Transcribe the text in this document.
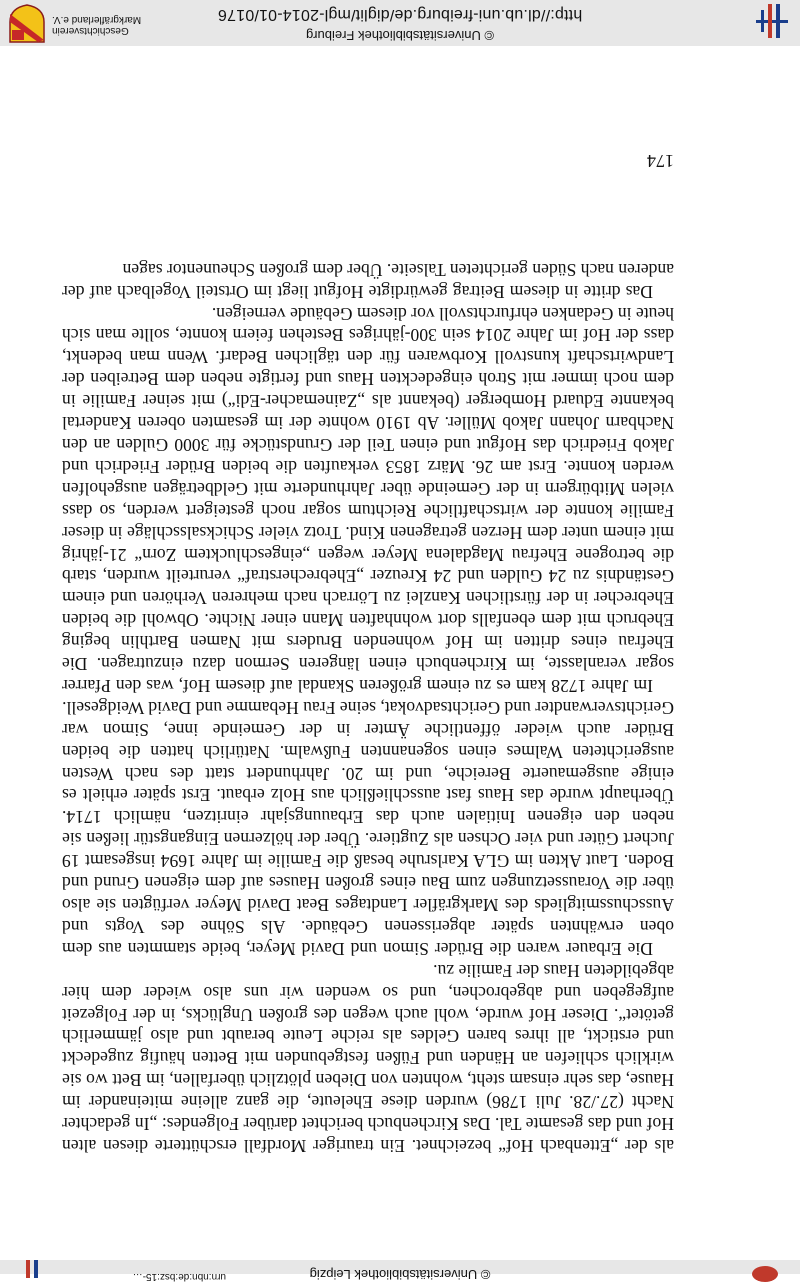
© Universitätsbibliothek Leipzig
urn:nbn:de:bsz:15-…

als der „Ettenbach Hof“ bezeichnet. Ein trauriger Mordfall erschütterte diesen alten Hof und das gesamte Tal. Das Kirchenbuch berichtet darüber Folgendes: „In gedachter Nacht (27./28. Juli 1786) wurden diese Eheleute, die ganz alleine miteinander im Hause, das sehr einsam steht, wohnten von Dieben plötzlich überfallen, im Bett wo sie wirklich schliefen an Händen und Füßen festgebunden mit Betten häufig zugedeckt und erstickt, all ihres baren Geldes als reiche Leute beraubt und also jämmerlich getötet“. Dieser Hof wurde, wohl auch wegen des großen Unglücks, in der Folgezeit aufgegeben und abgebrochen, und so wenden wir uns also wieder dem hier abgebildeten Haus der Familie zu.

Die Erbauer waren die Brüder Simon und David Meyer, beide stammten aus dem oben erwähnten später abgerissenen Gebäude. Als Söhne des Vogts und Ausschussmitglieds des Markgräfler Landtages Beat David Meyer verfügten sie also über die Voraussetzungen zum Bau eines großen Hauses auf dem eigenen Grund und Boden. Laut Akten im GLA Karlsruhe besaß die Familie im Jahre 1694 insgesamt 19 Juchert Güter und vier Ochsen als Zugtiere. Über der hölzernen Eingangstür ließen sie neben den eigenen Initialen auch das Erbauungsjahr einritzen, nämlich 1714. Überhaupt wurde das Haus fast ausschließlich aus Holz erbaut. Erst später erhielt es einige ausgemauerte Bereiche, und im 20. Jahrhundert statt des nach Westen ausgerichteten Walmes einen sogenannten Fußwalm. Natürlich hatten die beiden Brüder auch wieder öffentliche Ämter in der Gemeinde inne, Simon war Gerichtsverwandter und Gerichtsadvokat, seine Frau Hebamme und David Weidgesell.

Im Jahre 1728 kam es zu einem größeren Skandal auf diesem Hof, was den Pfarrer sogar veranlasste, im Kirchenbuch einen längeren Sermon dazu einzutragen. Die Ehefrau eines dritten im Hof wohnenden Bruders mit Namen Barthlin beging Ehebruch mit dem ebenfalls dort wohnhaften Mann einer Nichte. Obwohl die beiden Ehebrecher in der fürstlichen Kanzlei zu Lörrach nach mehreren Verhören und einem Geständnis zu 24 Gulden und 24 Kreuzer „Ehebrecherstraf“ verurteilt wurden, starb die betrogene Ehefrau Magdalena Meyer wegen „eingeschlucktem Zorn“ 21-jährig mit einem unter dem Herzen getragenen Kind. Trotz vieler Schicksalsschläge in dieser Familie konnte der wirtschaftliche Reichtum sogar noch gesteigert werden, so dass vielen Mitbürgern in der Gemeinde über Jahrhunderte mit Geldbeträgen ausgeholfen werden konnte. Erst am 26. März 1853 verkauften die beiden Brüder Friedrich und Jakob Friedrich das Hofgut und einen Teil der Grundstücke für 3000 Gulden an den Nachbarn Johann Jakob Müller. Ab 1910 wohnte der im gesamten oberen Kandertal bekannte Eduard Homberger (bekannt als „Zainemacher-Edi“) mit seiner Familie in dem noch immer mit Stroh eingedeckten Haus und fertigte neben dem Betreiben der Landwirtschaft kunstvoll Korbwaren für den täglichen Bedarf. Wenn man bedenkt, dass der Hof im Jahre 2014 sein 300-jähriges Bestehen feiern konnte, sollte man sich heute in Gedanken ehrfurchtsvoll vor diesem Gebäude verneigen.

Das dritte in diesem Beitrag gewürdigte Hofgut liegt im Ortsteil Vogelbach auf der anderen nach Süden gerichteten Talseite. Über dem großen Scheunentor sagen

174
© Universitätsbibliothek Freiburg
http://dl.ub.uni-freiburg.de/diglit/mgl-2014-01/0176
Geschichtsverein
Markgräflerland e.V.
